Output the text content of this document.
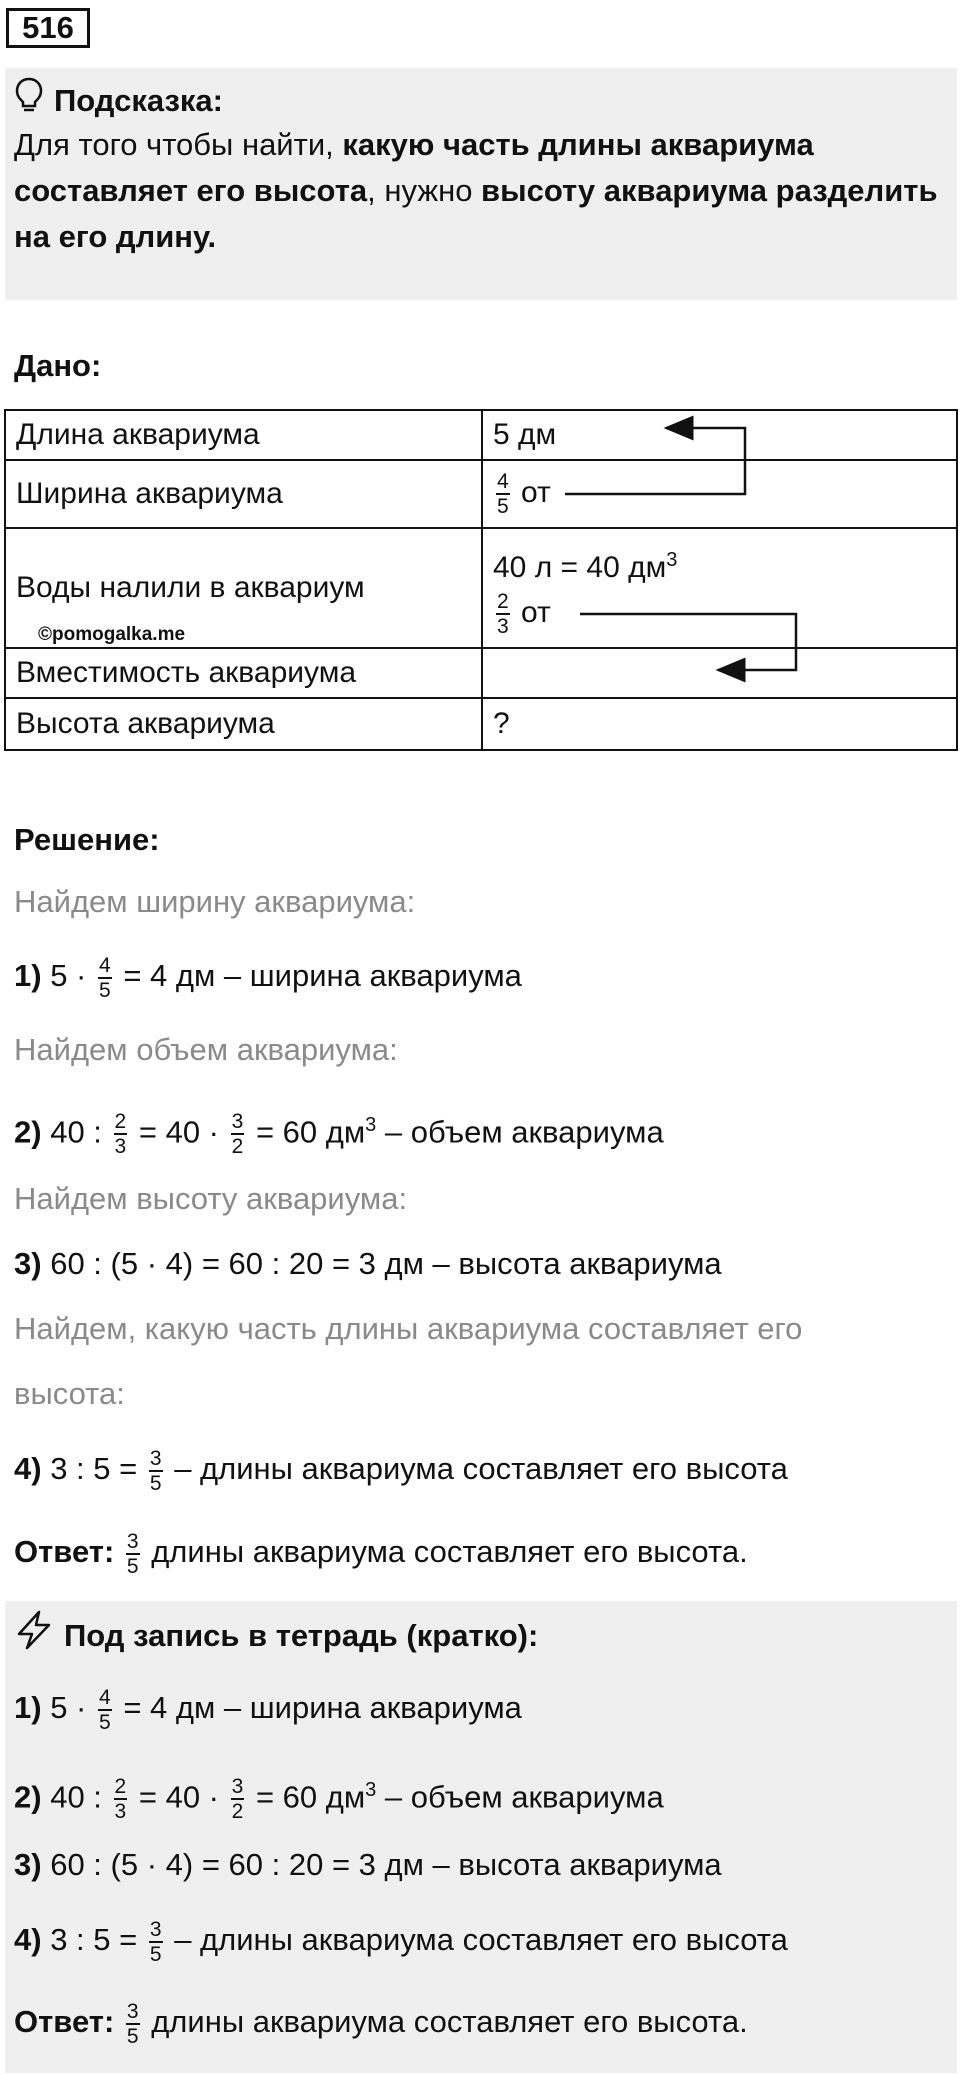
516
Подсказка:
Для того чтобы найти, какую часть длины аквариума составляет его высота, нужно высоту аквариума разделить на его длину.
Дано:
Длина аквариума	5 дм
Ширина аквариума	$\frac{4}{5}$ от
Воды налили в аквариум	40 л = 40 $дм^3$
$\frac{2}{3}$ от

Вместимость аквариума	
Высота аквариума	?
©pomogalka.me
Решение:
Найдем ширину аквариума:
1) $5 \cdot \frac{4}{5} = 4$ дм – ширина аквариума
Найдем объем аквариума:
2) 40 : $\frac{2}{3} = 40 \cdot \frac{3}{2} = 60$ $дм^3$ – объем аквариума
Найдем высоту аквариума:
3) 60 : (5 · 4) = 60 : 20 = 3 дм – высота аквариума
Найдем, какую часть длины аквариума составляет его
высота:
4) 3 : $5 = \frac{3}{5}$ – длины аквариума составляет его высота
Ответ: $\frac{3}{5}$ длины аквариума составляет его высота.
Под запись в тетрадь (кратко):
1) $5 \cdot \frac{4}{5} = 4$ дм – ширина аквариума
2) 40 : $\frac{2}{3} = 40 \cdot \frac{3}{2} = 60$ $дм^3$ – объем аквариума
3) 60 : (5 · 4) = 60 : 20 = 3 дм – высота аквариума
4) 3 : $5 = \frac{3}{5}$ – длины аквариума составляет его высота
Ответ: $\frac{3}{5}$ длины аквариума составляет его высота.
